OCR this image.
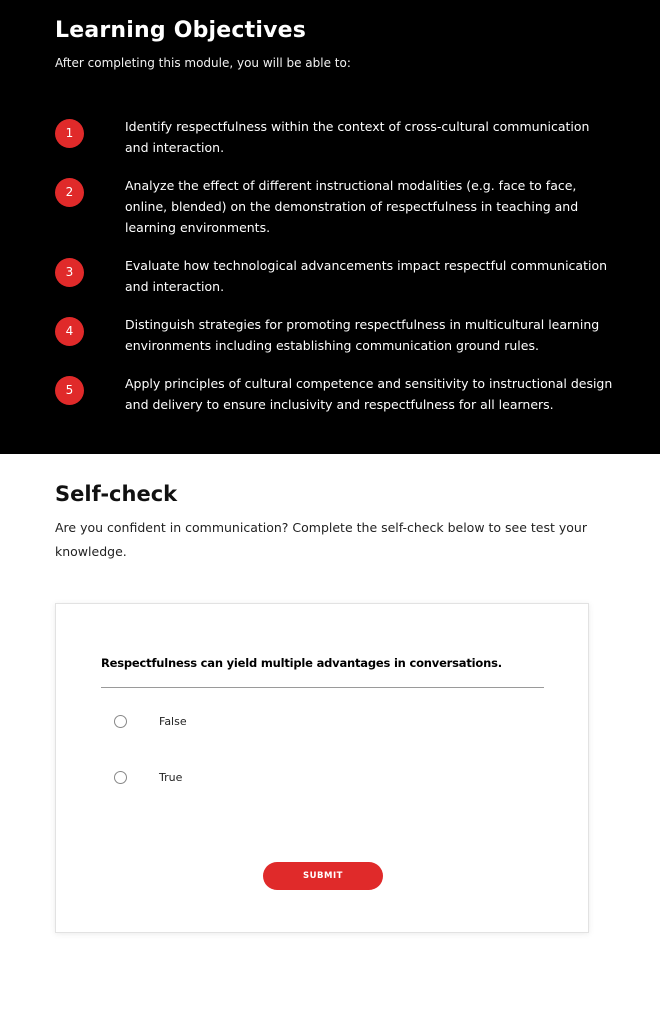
Learning Objectives

After completing this module, you will be able to:

1	Identify respectfulness within the context of cross-cultural communication and interaction.
2	Analyze the effect of different instructional modalities (e.g. face to face, online, blended) on the demonstration of respectfulness in teaching and learning environments.
3	Evaluate how technological advancements impact respectful communication and interaction.
4	Distinguish strategies for promoting respectfulness in multicultural learning environments including establishing communication ground rules.
5	Apply principles of cultural competence and sensitivity to instructional design and delivery to ensure inclusivity and respectfulness for all learners.
Self-check

Are you confident in communication? Complete the self-check below to see test your knowledge.

Respectfulness can yield multiple advantages in conversations.

False
True
SUBMIT
